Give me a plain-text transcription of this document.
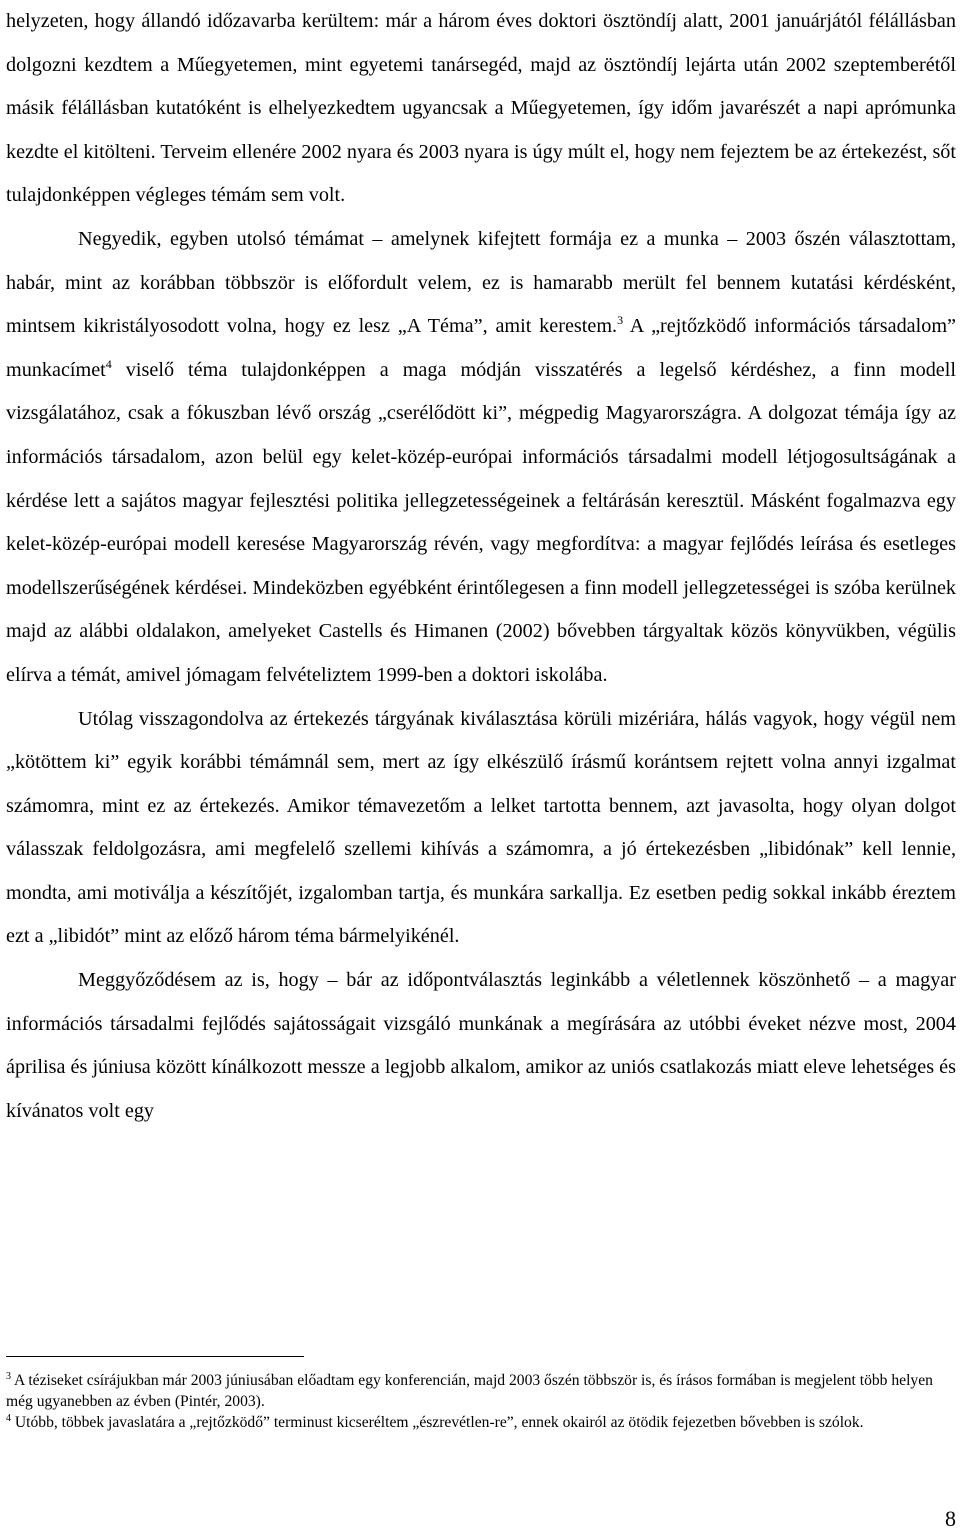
helyzeten, hogy állandó időzavarba kerültem: már a három éves doktori ösztöndíj alatt, 2001 januárjától félállásban dolgozni kezdtem a Műegyetemen, mint egyetemi tanársegéd, majd az ösztöndíj lejárta után 2002 szeptemberétől másik félállásban kutatóként is elhelyezkedtem ugyancsak a Műegyetemen, így időm javarészét a napi aprómunka kezdte el kitölteni. Terveim ellenére 2002 nyara és 2003 nyara is úgy múlt el, hogy nem fejeztem be az értekezést, sőt tulajdonképpen végleges témám sem volt.

Negyedik, egyben utolsó témámat – amelynek kifejtett formája ez a munka – 2003 őszén választottam, habár, mint az korábban többször is előfordult velem, ez is hamarabb merült fel bennem kutatási kérdésként, mintsem kikristályosodott volna, hogy ez lesz „A Téma”, amit kerestem.$^3$ A „rejtőzködő információs társadalom” munkacímet$^4$ viselő téma tulajdonképpen a maga módján visszatérés a legelső kérdéshez, a finn modell vizsgálatához, csak a fókuszban lévő ország „cserélődött ki”, mégpedig Magyarországra. A dolgozat témája így az információs társadalom, azon belül egy kelet-közép-európai információs társadalmi modell létjogosultságának a kérdése lett a sajátos magyar fejlesztési politika jellegzetességeinek a feltárásán keresztül. Másként fogalmazva egy kelet-közép-európai modell keresése Magyarország révén, vagy megfordítva: a magyar fejlődés leírása és esetleges modellszerűségének kérdései. Mindeközben egyébként érintőlegesen a finn modell jellegzetességei is szóba kerülnek majd az alábbi oldalakon, amelyeket Castells és Himanen (2002) bővebben tárgyaltak közös könyvükben, végülis elírva a témát, amivel jómagam felvételiztem 1999-ben a doktori iskolába.

Utólag visszagondolva az értekezés tárgyának kiválasztása körüli mizériára, hálás vagyok, hogy végül nem „kötöttem ki” egyik korábbi témámnál sem, mert az így elkészülő írásmű korántsem rejtett volna annyi izgalmat számomra, mint ez az értekezés. Amikor témavezetőm a lelket tartotta bennem, azt javasolta, hogy olyan dolgot válasszak feldolgozásra, ami megfelelő szellemi kihívás a számomra, a jó értekezésben „libidónak” kell lennie, mondta, ami motiválja a készítőjét, izgalomban tartja, és munkára sarkallja. Ez esetben pedig sokkal inkább éreztem ezt a „libidót” mint az előző három téma bármelyikénél.

Meggyőződésem az is, hogy – bár az időpontválasztás leginkább a véletlennek köszönhető – a magyar információs társadalmi fejlődés sajátosságait vizsgáló munkának a megírására az utóbbi éveket nézve most, 2004 áprilisa és júniusa között kínálkozott messze a legjobb alkalom, amikor az uniós csatlakozás miatt eleve lehetséges és kívánatos volt egy

$^3$ A téziseket csírájukban már 2003 júniusában előadtam egy konferencián, majd 2003 őszén többször is, és írásos formában is megjelent több helyen még ugyanebben az évben (Pintér, 2003).

$^4$ Utóbb, többek javaslatára a „rejtőzködő” terminust kicseréltem „észrevétlen-re”, ennek okairól az ötödik fejezetben bővebben is szólok.

8
